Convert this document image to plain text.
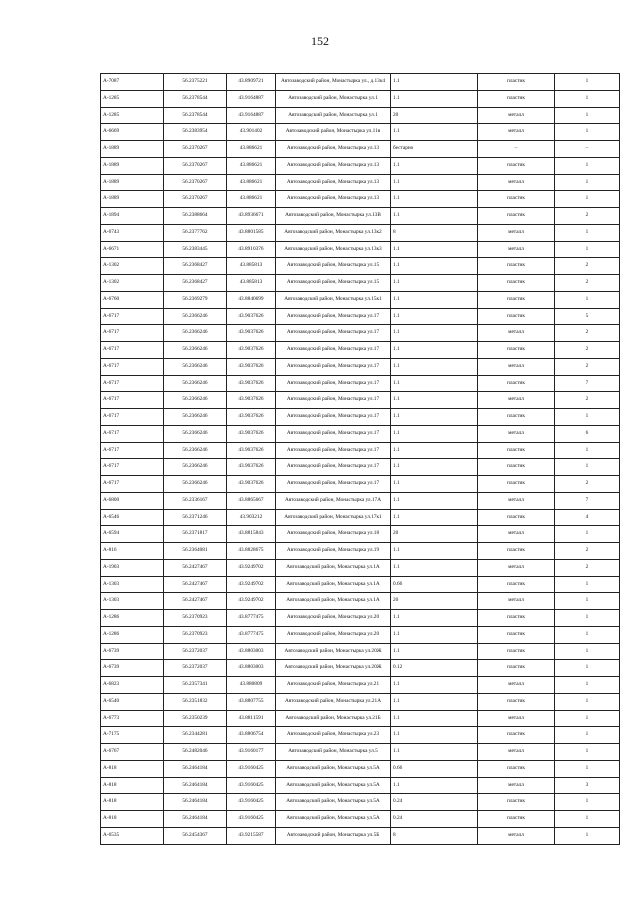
152
А-7087	56.2375221	43.8909721	Автозаводский район, Монастырка ул., д.13к4	1.1	пластик	1
А-1285	56.2378544	43.9164887	Автозаводский район, Монастырка ул.1	1.1	пластик	1
А-1285	56.2378544	43.9164887	Автозаводский район, Монастырка ул.1	20	металл	1
А-6669	56.2383954	43.901402	Автозаводский район, Монастырка ул.11в	1.1	металл	1
А-1889	56.2370267	43.886621	Автозаводский район, Монастырка ул.13	бестарно	–	–
А-1889	56.2370267	43.886621	Автозаводский район, Монастырка ул.13	1.1	пластик	1
А-1889	56.2370267	43.886621	Автозаводский район, Монастырка ул.13	1.1	металл	1
А-1889	56.2370267	43.886621	Автозаводский район, Монастырка ул.13	1.1	пластик	1
А-1894	56.2388664	43.8936671	Автозаводский район, Монастырка ул.13В	1.1	пластик	2
А-6743	56.2377762	43.8801585	Автозаводский район, Монастырка ул.13к2	8	металл	1
А-6671	56.2383445	43.8910376	Автозаводский район, Монастырка ул.13к3	1.1	металл	1
А-1302	56.2368427	43.885813	Автозаводский район, Монастырка ул.15	1.1	пластик	2
А-1302	56.2368427	43.885813	Автозаводский район, Монастырка ул.15	1.1	пластик	2
А-6760	56.2369279	43.8840699	Автозаводский район, Монастырка ул.15к1	1.1	пластик	1
А-6717	56.2366246	43.9037626	Автозаводский район, Монастырка ул.17	1.1	пластик	5
А-6717	56.2366246	43.9037626	Автозаводский район, Монастырка ул.17	1.1	металл	2
А-6717	56.2366246	43.9037626	Автозаводский район, Монастырка ул.17	1.1	пластик	2
А-6717	56.2366246	43.9037626	Автозаводский район, Монастырка ул.17	1.1	металл	2
А-6717	56.2366246	43.9037626	Автозаводский район, Монастырка ул.17	1.1	пластик	7
А-6717	56.2366246	43.9037626	Автозаводский район, Монастырка ул.17	1.1	металл	2
А-6717	56.2366246	43.9037626	Автозаводский район, Монастырка ул.17	1.1	пластик	1
А-6717	56.2366246	43.9037626	Автозаводский район, Монастырка ул.17	1.1	металл	6
А-6717	56.2366246	43.9037626	Автозаводский район, Монастырка ул.17	1.1	пластик	1
А-6717	56.2366246	43.9037626	Автозаводский район, Монастырка ул.17	1.1	пластик	1
А-6717	56.2366246	43.9037626	Автозаводский район, Монастырка ул.17	1.1	пластик	2
А-6800	56.2336167	43.8865667	Автозаводский район, Монастырка ул.17А	1.1	металл	7
А-6546	56.2371246	43.903212	Автозаводский район, Монастырка ул.17к1	1.1	пластик	4
А-6594	56.2371817	43.8815843	Автозаводский район, Монастырка ул.18	20	металл	1
А-816	56.2364081	43.8828675	Автозаводский район, Монастырка ул.19	1.1	пластик	2
А-1903	56.2427467	43.9249702	Автозаводский район, Монастырка ул.1А	1.1	металл	2
А-1303	56.2427467	43.9249702	Автозаводский район, Монастырка ул.1А	0.66	пластик	1
А-1303	56.2427467	43.9249702	Автозаводский район, Монастырка ул.1А	20	металл	1
А-1286	56.2370923	43.8777475	Автозаводский район, Монастырка ул.20	1.1	пластик	1
А-1286	56.2370923	43.8777475	Автозаводский район, Монастырка ул.20	1.1	пластик	1
А-6739	56.2372037	43.8803003	Автозаводский район, Монастырка ул.20Ж	1.1	пластик	1
А-6739	56.2372037	43.8803003	Автозаводский район, Монастырка ул.20Ж	0.12	пластик	1
А-6823	56.2357341	43.880809	Автозаводский район, Монастырка ул.21	1.1	металл	1
А-6540	56.2351832	43.8807755	Автозаводский район, Монастырка ул.21А	1.1	пластик	1
А-6773	56.2350239	43.8811591	Автозаводский район, Монастырка ул.21Б	1.1	металл	1
А-7175	56.2344281	43.8806754	Автозаводский район, Монастырка ул.23	1.1	пластик	1
А-6767	56.2482046	43.9160177	Автозаводский район, Монастырка ул.5	1.1	металл	1
А-818	56.2464184	43.9160425	Автозаводский район, Монастырка ул.5А	0.66	пластик	1
А-818	56.2464184	43.9160425	Автозаводский район, Монастырка ул.5А	1.1	металл	3
А-818	56.2464184	43.9160425	Автозаводский район, Монастырка ул.5А	0.24	пластик	1
А-818	56.2464184	43.9160425	Автозаводский район, Монастырка ул.5А	0.24	пластик	1
А-6535	56.2454367	43.9215587	Автозаводский район, Монастырка ул.5Б	8	металл	1
